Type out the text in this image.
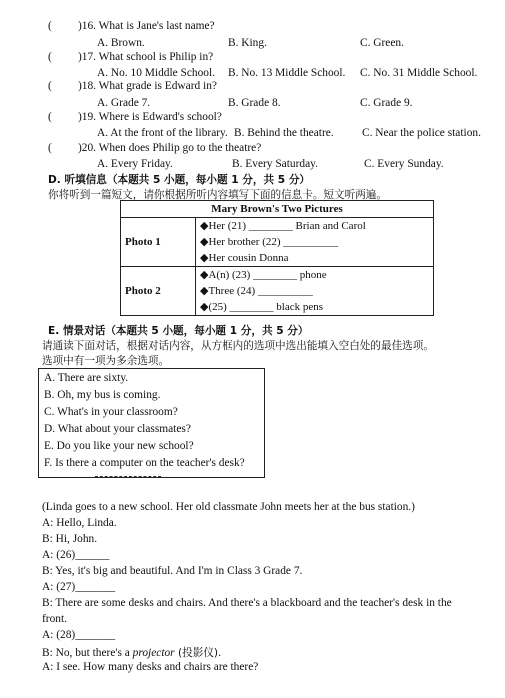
( )16. What is Jane's last name?
A. Brown.	B. King.	C. Green.
( )17. What school is Philip in?
A. No. 10 Middle School. B. No. 13 Middle School. C. No. 31 Middle School.
( )18. What grade is Edward in?
A. Grade 7.	B. Grade 8.	C. Grade 9.
( )19. Where is Edward's school?
A. At the front of the library. B. Behind the theatre. C. Near the police station.
( )20. When does Philip go to the theatre?
A. Every Friday.	B. Every Saturday.	C. Every Sunday.
D. 听填信息（本题共 5 小题，每小题 1 分，共 5 分）
你将听到一篇短文，请你根据所听内容填写下面的信息卡。短文听两遍。
Mary Brown's Two Pictures	
Photo 1	◆Her (21) ________ Brian and Carol
◆Her brother (22) __________
◆Her cousin Donna

Photo 2	◆A(n) (23) ________ phone
◆Three (24) __________
◆(25) ________ black pens
E. 情景对话（本题共 5 小题，每小题 1 分，共 5 分）
请通读下面对话，根据对话内容，从方框内的选项中选出能填入空白处的最佳选项。
选项中有一项为多余选项。
A. There are sixty.
B. Oh, my bus is coming.
C. What's in your classroom?
D. What about your classmates?
E. Do you like your new school?
F. Is there a computer on the teacher's desk?
(Linda goes to a new school. Her old classmate John meets her at the bus station.)
A: Hello, Linda.
B: Hi, John.
A: (26)______
B: Yes, it's big and beautiful. And I'm in Class 3 Grade 7.
A: (27)_______
B: There are some desks and chairs. And there's a blackboard and the teacher's desk in the
front.
A: (28)_______
B: No, but there's a projector (投影仪).
A: I see. How many desks and chairs are there?
